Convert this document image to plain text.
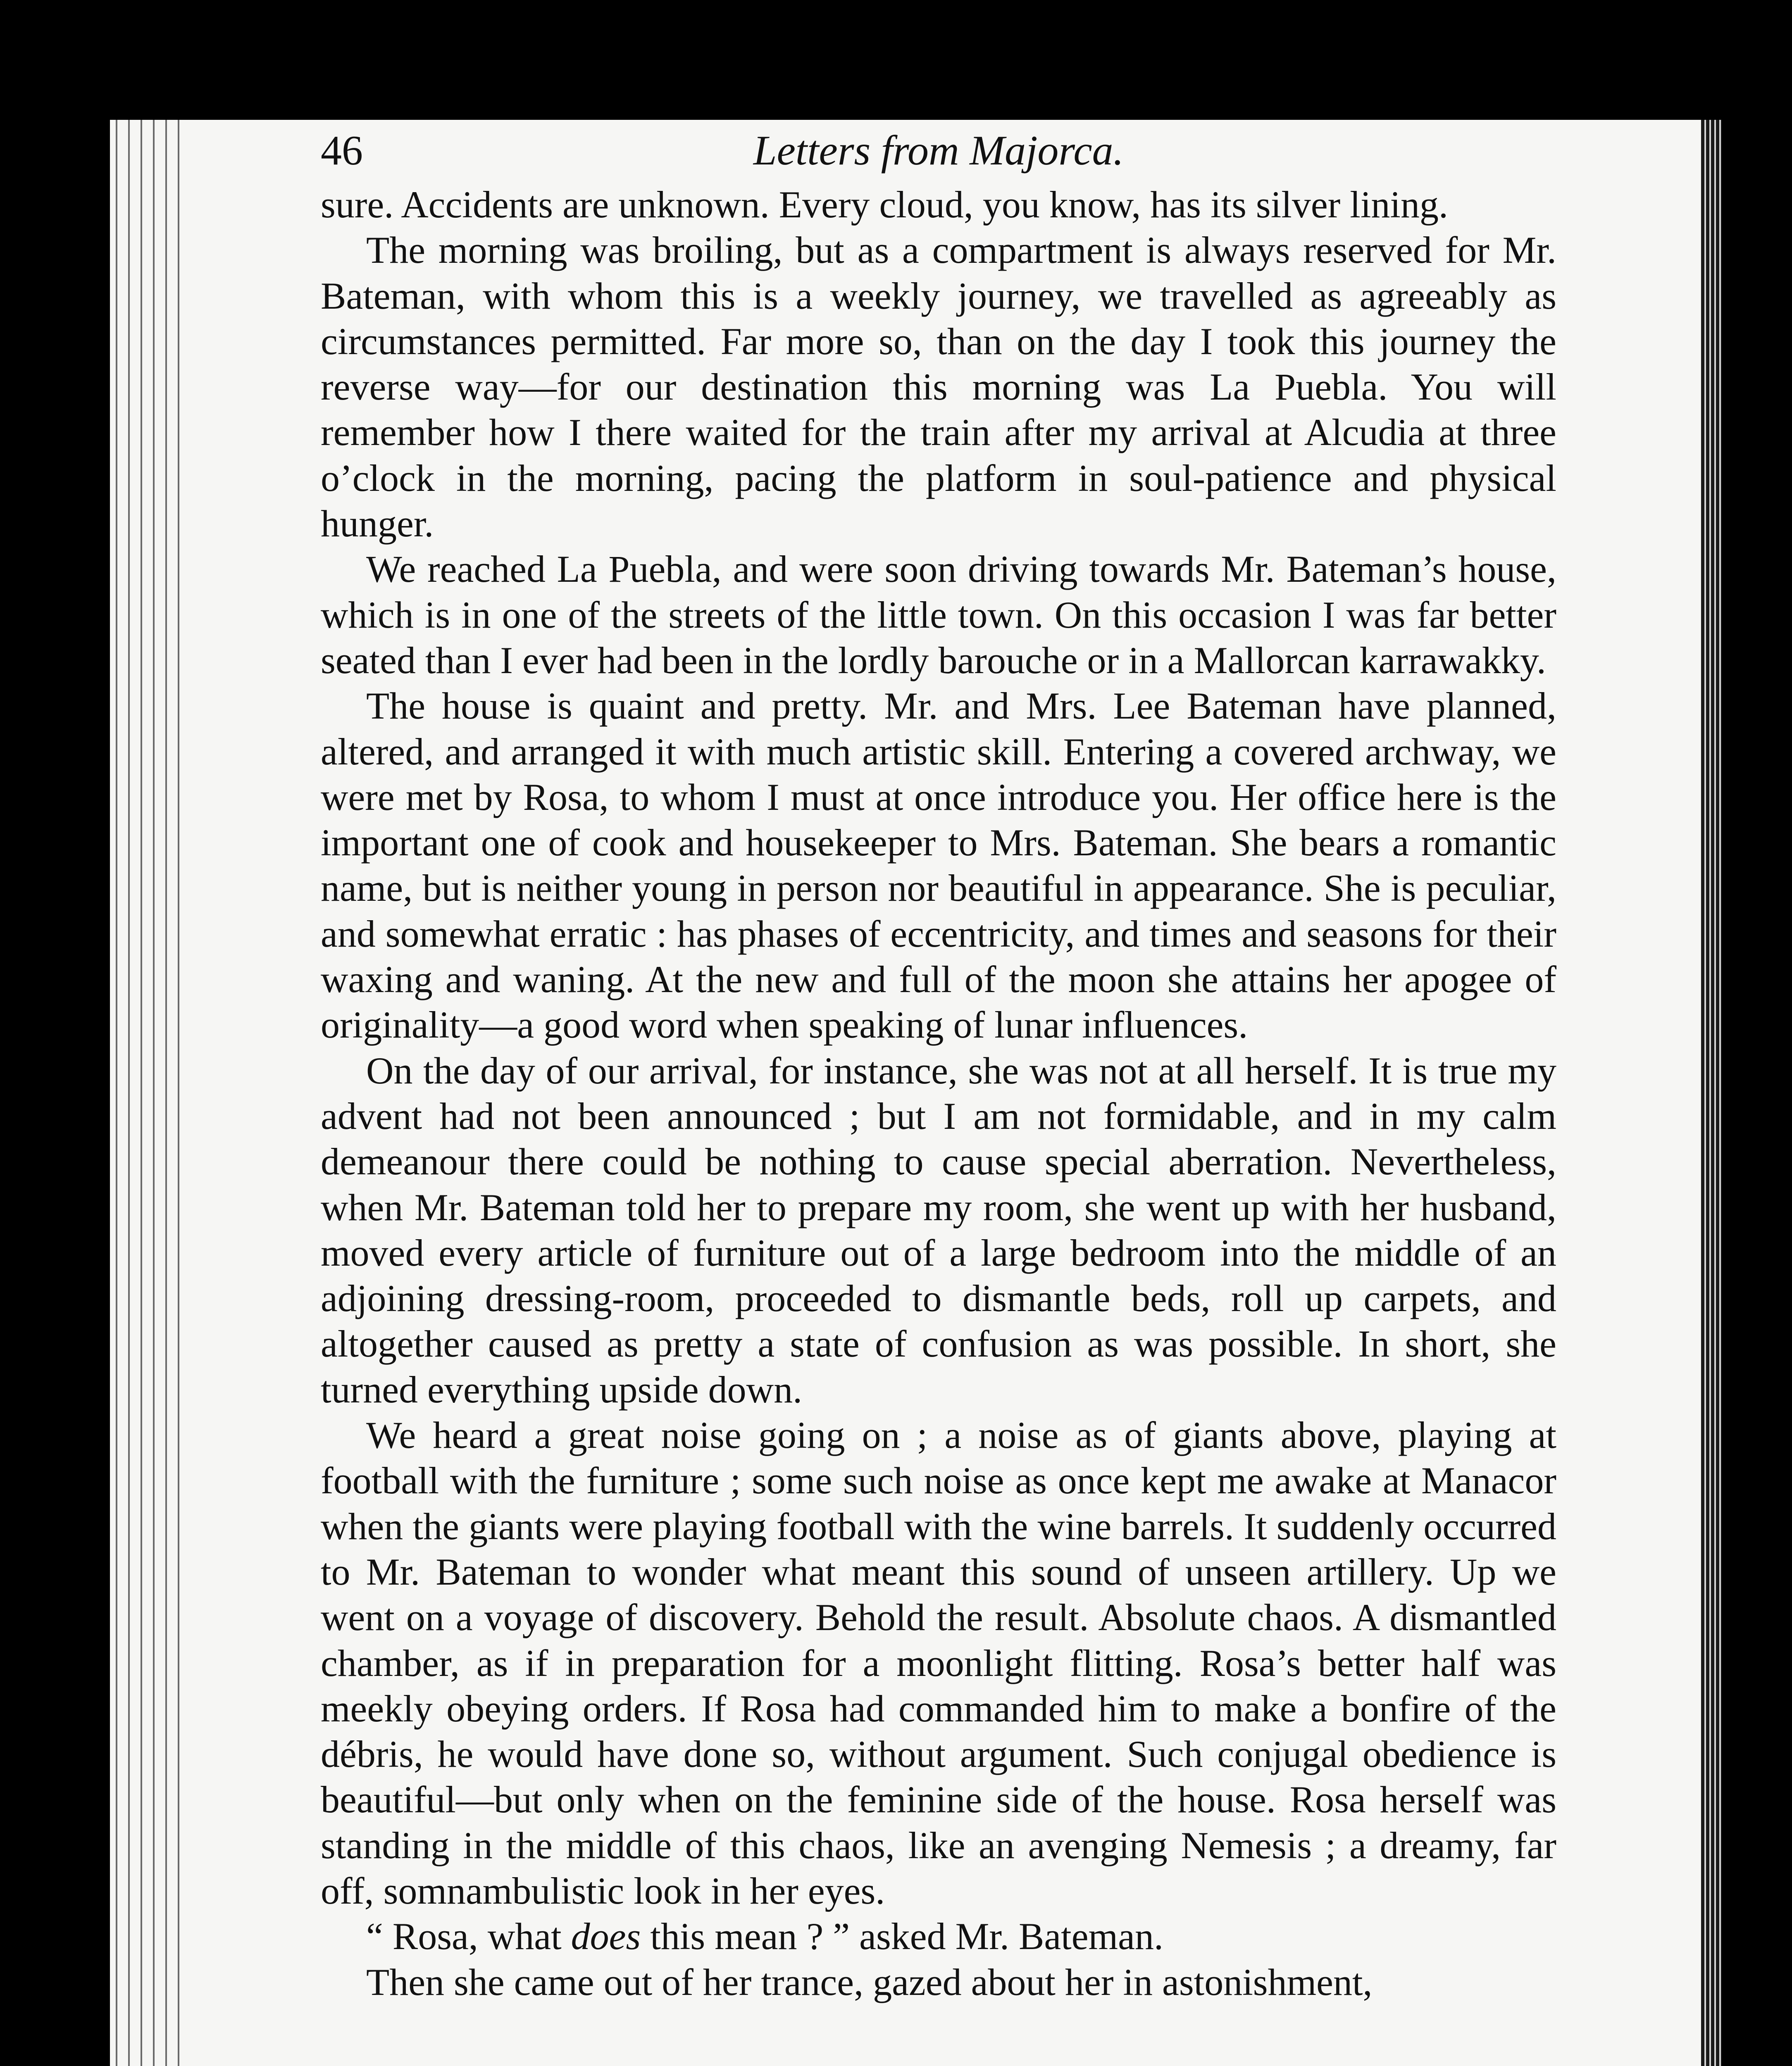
46	Letters from Majorca.

sure. Accidents are unknown. Every cloud, you know, has its silver lining.

The morning was broiling, but as a compartment is always reserved for Mr. Bateman, with whom this is a weekly journey, we travelled as agreeably as circumstances permitted. Far more so, than on the day I took this journey the reverse way—for our destination this morning was La Puebla. You will remember how I there waited for the train after my arrival at Alcudia at three o’clock in the morning, pacing the platform in soul-patience and physical hunger.

We reached La Puebla, and were soon driving towards Mr. Bateman’s house, which is in one of the streets of the little town. On this occasion I was far better seated than I ever had been in the lordly barouche or in a Mallorcan karrawakky.

The house is quaint and pretty. Mr. and Mrs. Lee Bateman have planned, altered, and arranged it with much artistic skill. Entering a covered archway, we were met by Rosa, to whom I must at once introduce you. Her office here is the important one of cook and housekeeper to Mrs. Bateman. She bears a romantic name, but is neither young in person nor beautiful in appearance. She is peculiar, and somewhat erratic : has phases of eccentricity, and times and seasons for their waxing and waning. At the new and full of the moon she attains her apogee of originality—a good word when speaking of lunar influences.

On the day of our arrival, for instance, she was not at all herself. It is true my advent had not been announced ; but I am not formidable, and in my calm demeanour there could be nothing to cause special aberration. Nevertheless, when Mr. Bateman told her to prepare my room, she went up with her husband, moved every article of furniture out of a large bedroom into the middle of an adjoining dressing-room, proceeded to dismantle beds, roll up carpets, and altogether caused as pretty a state of confusion as was possible. In short, she turned everything upside down.

We heard a great noise going on ; a noise as of giants above, playing at football with the furniture ; some such noise as once kept me awake at Manacor when the giants were playing football with the wine barrels. It suddenly occurred to Mr. Bateman to wonder what meant this sound of unseen artillery. Up we went on a voyage of discovery. Behold the result. Absolute chaos. A dismantled chamber, as if in preparation for a moonlight flitting. Rosa’s better half was meekly obeying orders. If Rosa had commanded him to make a bonfire of the débris, he would have done so, without argument. Such conjugal obedience is beautiful—but only when on the feminine side of the house. Rosa herself was standing in the middle of this chaos, like an avenging Nemesis ; a dreamy, far off, somnambulistic look in her eyes.

“ Rosa, what does this mean ? ” asked Mr. Bateman.

Then she came out of her trance, gazed about her in astonishment,
